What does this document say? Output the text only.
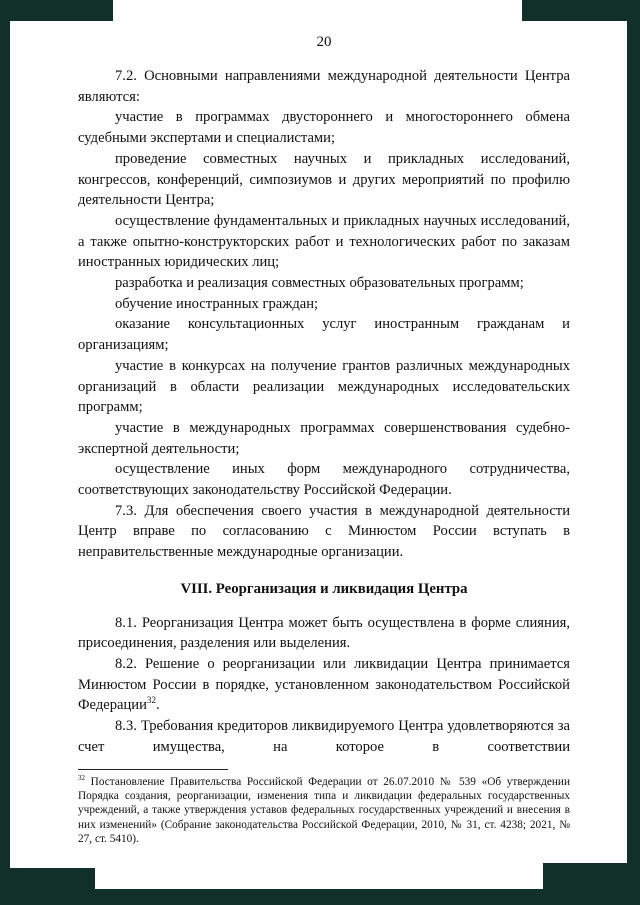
20

7.2. Основными направлениями международной деятельности Центра являются:

участие в программах двустороннего и многостороннего обмена судебными экспертами и специалистами;

проведение совместных научных и прикладных исследований, конгрессов, конференций, симпозиумов и других мероприятий по профилю деятельности Центра;

осуществление фундаментальных и прикладных научных исследований, а также опытно-конструкторских работ и технологических работ по заказам иностранных юридических лиц;

разработка и реализация совместных образовательных программ;

обучение иностранных граждан;

оказание консультационных услуг иностранным гражданам и организациям;

участие в конкурсах на получение грантов различных международных организаций в области реализации международных исследовательских программ;

участие в международных программах совершенствования судебно-экспертной деятельности;

осуществление иных форм международного сотрудничества, соответствующих законодательству Российской Федерации.

7.3. Для обеспечения своего участия в международной деятельности Центр вправе по согласованию с Минюстом России вступать в неправительственные международные организации.

VIII. Реорганизация и ликвидация Центра

8.1. Реорганизация Центра может быть осуществлена в форме слияния, присоединения, разделения или выделения.

8.2. Решение о реорганизации или ликвидации Центра принимается Минюстом России в порядке, установленном законодательством Российской Федерации$^{32}$.

8.3. Требования кредиторов ликвидируемого Центра удовлетворяются за счет имущества, на которое в соответствии

$^{32}$ Постановление Правительства Российской Федерации от 26.07.2010 № 539 «Об утверждении Порядка создания, реорганизации, изменения типа и ликвидации федеральных государственных учреждений, а также утверждения уставов федеральных государственных учреждений и внесения в них изменений» (Собрание законодательства Российской Федерации, 2010, № 31, ст. 4238; 2021, № 27, ст. 5410).
